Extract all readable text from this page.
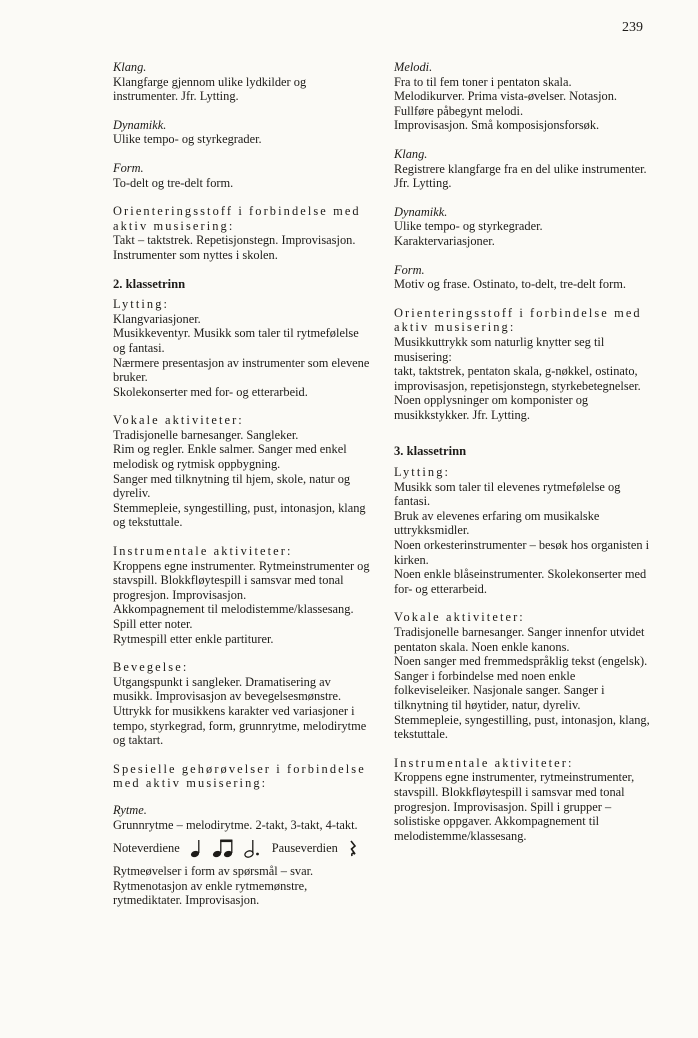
239

Klang.

Klangfarge gjennom ulike lydkilder og instrumenter. Jfr. Lytting.

Dynamikk.

Ulike tempo- og styrkegrader.

Form.

To-delt og tre-delt form.

Orienteringsstoff i forbindelse med aktiv musisering:

Takt – taktstrek. Repetisjonstegn. Improvisasjon.

Instrumenter som nyttes i skolen.

2. klassetrinn

Lytting:

Klangvariasjoner.

Musikkeventyr. Musikk som taler til rytmefølelse og fantasi.

Nærmere presentasjon av instrumenter som elevene bruker.

Skolekonserter med for- og etterarbeid.

Vokale aktiviteter:

Tradisjonelle barnesanger. Sangleker.

Rim og regler. Enkle salmer. Sanger med enkel melodisk og rytmisk oppbygning.

Sanger med tilknytning til hjem, skole, natur og dyreliv.

Stemmepleie, syngestilling, pust, intonasjon, klang og tekstuttale.

Instrumentale aktiviteter:

Kroppens egne instrumenter. Rytmeinstrumenter og stavspill. Blokkfløytespill i samsvar med tonal progresjon. Improvisasjon.

Akkompagnement til melodistemme/klassesang. Spill etter noter.

Rytmespill etter enkle partiturer.

Bevegelse:

Utgangspunkt i sangleker. Dramatisering av musikk. Improvisasjon av bevegelsesmønstre. Uttrykk for musikkens karakter ved variasjoner i tempo, styrkegrad, form, grunnrytme, melodirytme og taktart.

Spesielle gehørøvelser i forbindelse med aktiv musisering:

Rytme.

Grunnrytme – melodirytme. 2-takt, 3-takt, 4-takt.

Noteverdiene	Pauseverdien

Rytmeøvelser i form av spørsmål – svar.

Rytmenotasjon av enkle rytmemønstre, rytmediktater. Improvisasjon.

Melodi.

Fra to til fem toner i pentaton skala.

Melodikurver. Prima vista-øvelser. Notasjon.

Fullføre påbegynt melodi.

Improvisasjon. Små komposisjonsforsøk.

Klang.

Registrere klangfarge fra en del ulike instrumenter. Jfr. Lytting.

Dynamikk.

Ulike tempo- og styrkegrader.

Karaktervariasjoner.

Form.

Motiv og frase. Ostinato, to-delt, tre-delt form.

Orienteringsstoff i forbindelse med aktiv musisering:

Musikkuttrykk som naturlig knytter seg til musisering:

takt, taktstrek, pentaton skala, g-nøkkel, ostinato, improvisasjon, repetisjonstegn, styrkebetegnelser.

Noen opplysninger om komponister og musikkstykker. Jfr. Lytting.

3. klassetrinn

Lytting:

Musikk som taler til elevenes rytmefølelse og fantasi.

Bruk av elevenes erfaring om musikalske uttrykksmidler.

Noen orkesterinstrumenter – besøk hos organisten i kirken.

Noen enkle blåseinstrumenter. Skolekonserter med for- og etterarbeid.

Vokale aktiviteter:

Tradisjonelle barnesanger. Sanger innenfor utvidet pentaton skala. Noen enkle kanons.

Noen sanger med fremmedspråklig tekst (engelsk).

Sanger i forbindelse med noen enkle folkeviseleiker. Nasjonale sanger. Sanger i tilknytning til høytider, natur, dyreliv.

Stemmepleie, syngestilling, pust, intonasjon, klang, tekstuttale.

Instrumentale aktiviteter:

Kroppens egne instrumenter, rytmeinstrumenter, stavspill. Blokkfløytespill i samsvar med tonal progresjon. Improvisasjon. Spill i grupper – solistiske oppgaver. Akkompagnement til melodistemme/klassesang.
